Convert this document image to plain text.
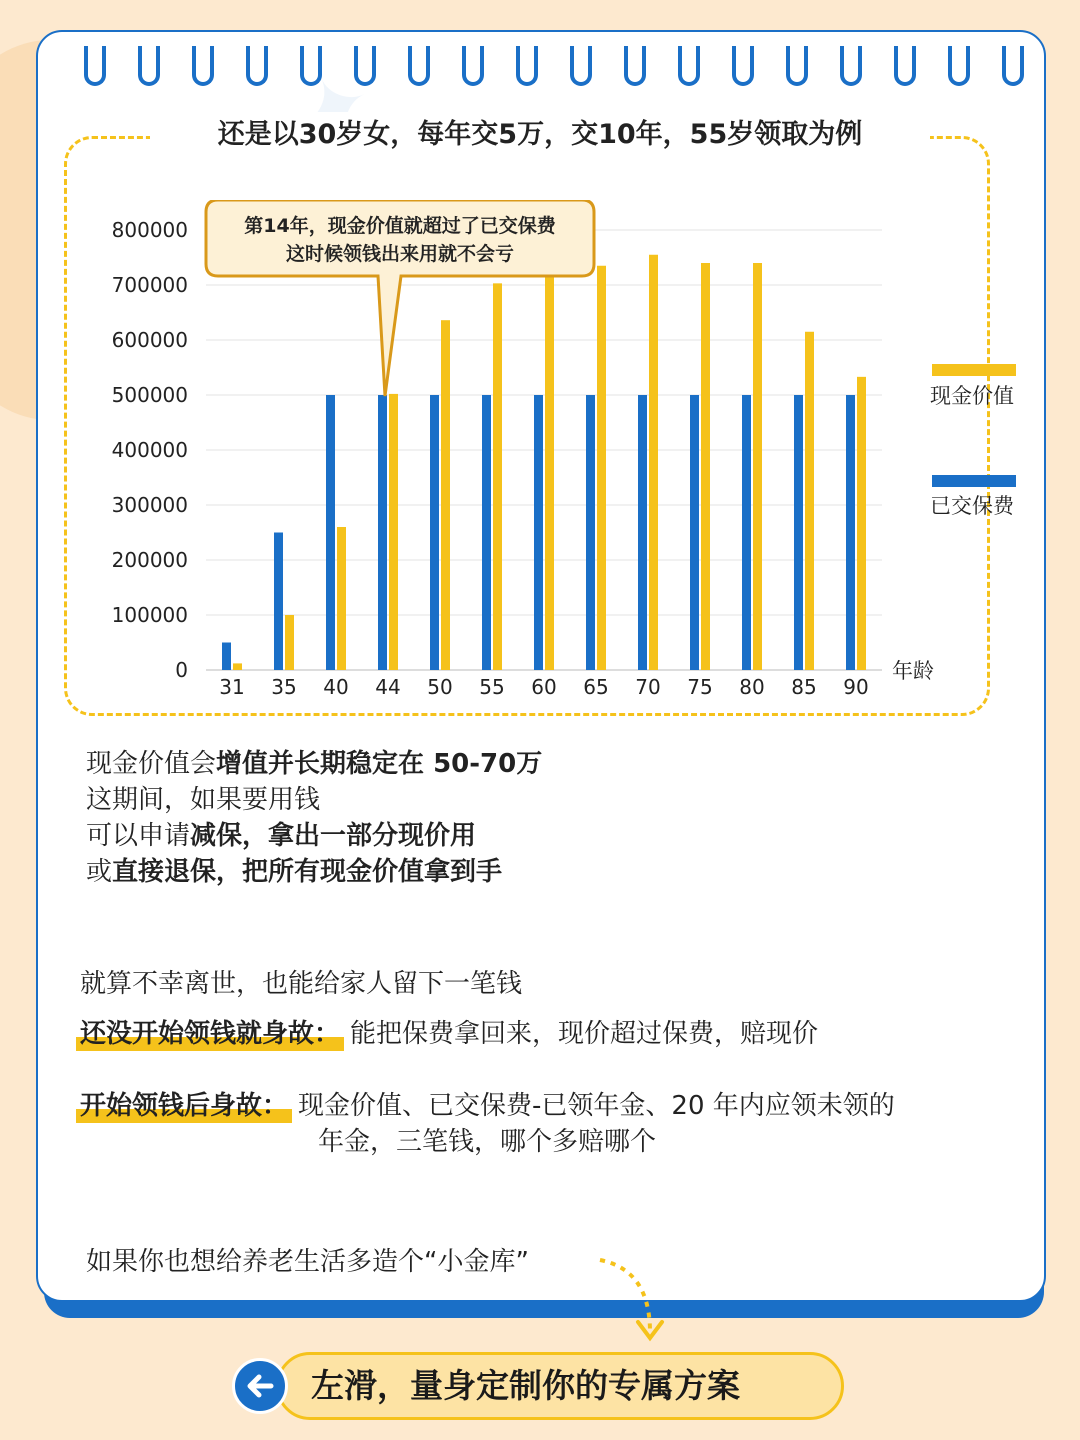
还是以30岁女，每年交5万，交10年，55岁领取为例
800000
700000
600000
500000
400000
300000
200000
100000
0
31 35 40 44 50 55 60 65 70 75 80 85 90
年龄
现金价值
已交保费
第14年，现金价值就超过了已交保费
这时候领钱出来用就不会亏
现金价值会增值并长期稳定在 50-70万
这期间，如果要用钱
可以申请减保，拿出一部分现价用
或直接退保，把所有现金价值拿到手
就算不幸离世，也能给家人留下一笔钱
还没开始领钱就身故： 能把保费拿回来，现价超过保费，赔现价
开始领钱后身故： 现金价值、已交保费-已领年金、20 年内应领未领的
年金，三笔钱，哪个多赔哪个
如果你也想给养老生活多造个“小金库”
左滑，量身定制你的专属方案
